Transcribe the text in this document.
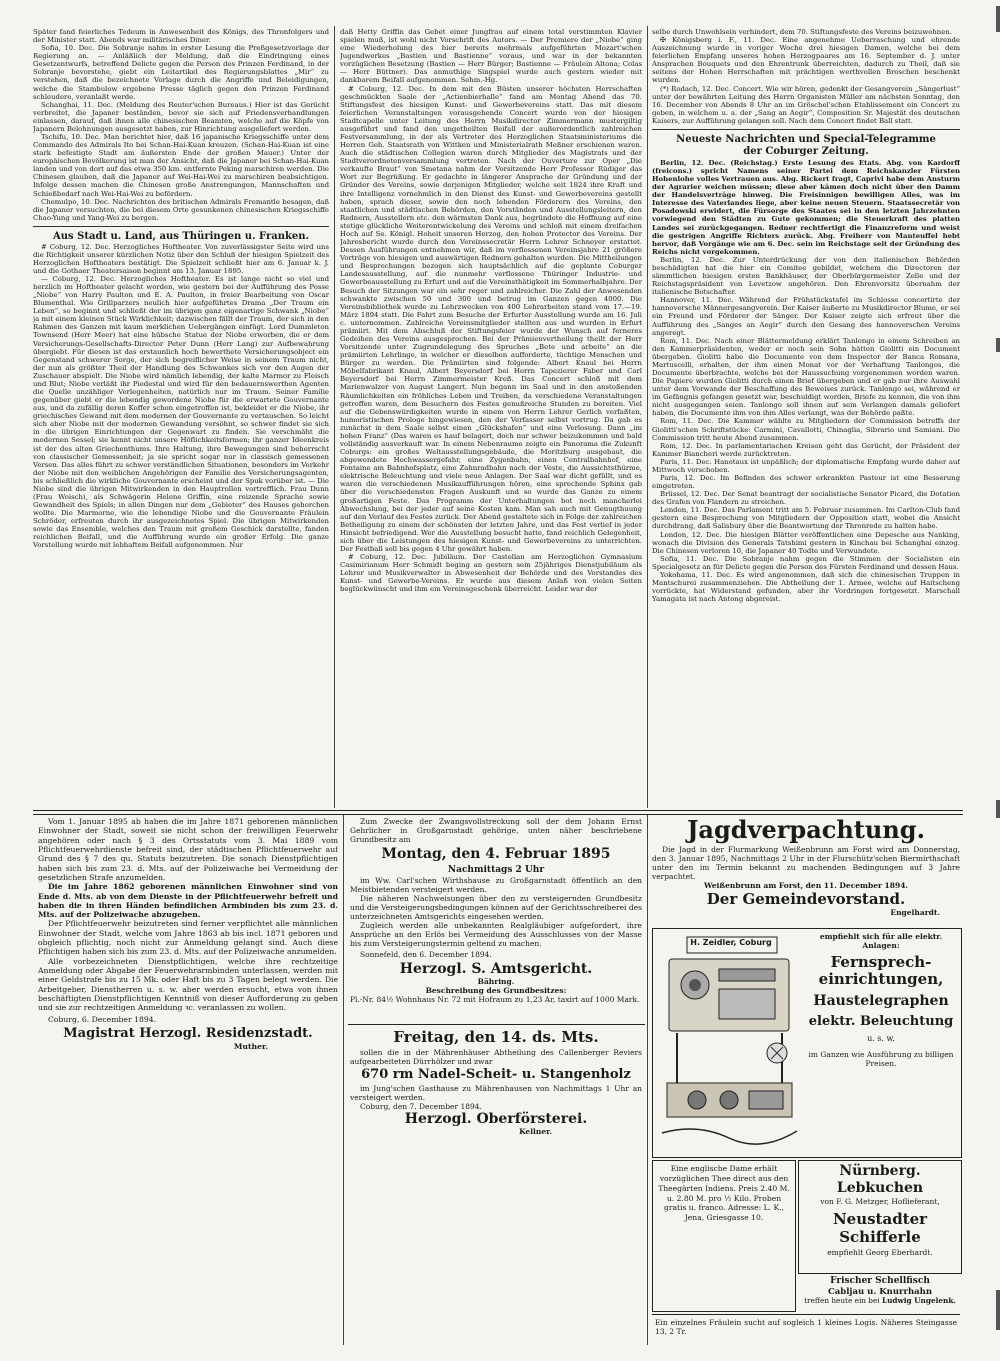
Später fand feierliches Tedeum in Anwesenheit des Königs, des Thronfolgers und der Minister statt. Abends war militärisches Diner.

Sofia, 10. Dec. Die Sobranje nahm in erster Lesung die Preßgesetzvorlage der Regierung an. — Anläßlich der Meldung, daß die Eindringung eines Gesetzentwurfs, betreffend Delicte gegen die Person des Prinzen Ferdinand, in der Sobranje bevorstehe, giebt ein Leitartikel des Regierungsblattes „Mir“ zu verstehen, daß die bezeichnete Vorlage durch die Angriffe und Beleidigungen, welche die Stambulow ergebene Presse täglich gegen den Prinzen Ferdinand schleudere, veranlaßt werde.

Schanghai, 11. Dec. (Meldung des Reuter'schen Bureaus.) Hier ist das Gerücht verbreitet, die Japaner beständen, bevor sie sich auf Friedensverhandlungen einlassen, darauf, daß ihnen alle chinesischen Beamten, welche auf die Köpfe von Japanern Belohnungen ausgesetzt haben, zur Hinrichtung ausgeliefert werden.

Tschifu, 10. Dec. Man berichtet hier, daß 16 japanische Kriegsschiffe unter dem Commando des Admirals Ito bei Schan-Hai-Kuan kreuzen. (Schan-Hai-Kuan ist eine stark befestigte Stadt am äußersten Ende der großen Mauer.) Unter der europäischen Bevölkerung ist man der Ansicht, daß die Japaner bei Schan-Hai-Kuan landen und von dort auf das etwa 350 km. entfernte Peking marschiren werden. Die Chinesen glauben, daß die Japaner auf Wei-Hai-Wei zu marschiren beabsichtigen. Infolge dessen machen die Chinesen große Anstrengungen, Mannschaften und Schießbedarf nach Wei-Hai-Wei zu befördern.

Chemulpo, 10. Dec. Nachrichten des britischen Admirals Fremantle besagen, daß die Japaner versuchten, die bei diesem Orte gesunkenen chinesischen Kriegsschiffe Chao-Yung und Yang-Wei zu bergen.

Aus Stadt u. Land, aus Thüringen u. Franken.

# Coburg, 12. Dec. Herzogliches Hoftheater. Von zuverlässigster Seite wird uns die Richtigkeit unserer kürzlichen Notiz über den Schluß der hiesigen Spielzeit des Herzoglichen Hoftheaters bestätigt. Die Spielzeit schließt hier am 6. Januar k. J. und die Gothaer Theatersaison beginnt am 13. Januar 1895.

— Coburg, 12. Dec. Herzogliches Hoftheater. Es ist lange nicht so viel und herzlich im Hoftheater gelacht worden, wie gestern bei der Aufführung des Posse „Niobe“ von Harry Paulton und E. A. Paulton, in freier Bearbeitung von Oscar Blumenthal. Wie Grillparzers neulich hier aufgeführtes Drama „Der Traum ein Leben“, so beginnt und schließt der im übrigen ganz eigenartige Schwank „Niobe“ ja mit einem kleinen Stück Wirklichkeit; dazwischen fällt der Traum, der sich in den Rahmen des Ganzen mit kaum merklichen Uebergängen einfügt. Lord Dummleton Townsend (Herr Meer) hat eine hübsche Statue der Niobe erworben, die er dem Versicherungs-Gesellschafts-Director Peter Dunn (Herr Lang) zur Aufbewahrung übergiebt. Für diesen ist das erstaunlich hoch bewerthete Versicherungsobject ein Gegenstand schwerer Sorge, der sich begreiflicher Weise in seinem Traum nicht, der nun als größter Theil der Handlung des Schwankes sich vor den Augen der Zuschauer abspielt. Die Niobe wird nämlich lebendig, der kalte Marmor zu Fleisch und Blut; Niobe verläßt ihr Piedestal und wird für den bedauernswerthen Agenten die Quelle unzähliger Verlegenheiten, natürlich nur im Traum. Seiner Familie gegenüber giebt er die lebendig gewordene Niobe für die erwartete Gouvernante aus, und da zufällig deren Koffer schon eingetroffen ist, bekleidet er die Niobe, ihr griechisches Gewand mit dem modernen der Gouvernante zu vertauschen. So leicht sich aber Niobe mit der modernen Gewandung versöhnt, so schwer findet sie sich in die übrigen Einrichtungen der Gegenwart zu finden. Sie verschmäht die modernen Sessel; sie kennt nicht unsere Höflichkeitsformen; ihr ganzer Ideenkreis ist der des alten Griechenthums. Ihre Haltung, ihre Bewegungen sind beherrscht von classischer Gemessenheit; ja sie spricht sogar nur in classisch gemessenen Versen. Das alles führt zu schwer verständlichen Situationen, besonders im Verkehr der Niobe mit den weiblichen Angehörigen der Familie des Versicherungsagenten, bis schließlich die wirkliche Gouvernante erscheint und der Spuk vorüber ist. — Die Niobe sind die übrigen Mitwirkenden in den Hauptrollen vortrefflich. Frau Dunn (Frau Woisch), als Schwägerin Helene Griffin, eine reizende Sprache sowie Gewandheit des Spiels; in allen Dingen nur dem „Gebieter“ des Hauses gehorchen wollte. Die Marmorne, wie die lebendige Niobe und die Gouvernante Fräulein Schröder, erfreuten durch ihr ausgezeichnetes Spiel. Die übrigen Mitwirkenden sowie das Ensemble, welches den Traum mit großem Geschick darstellte, fanden reichlichen Beifall, und die Aufführung wurde ein großer Erfolg. Die ganze Vorstellung wurde mit lebhaftem Beifall aufgenommen. Nur

daß Hetty Griffin das Gebet einer Jungfrau auf einem total verstimmten Klavier spielen muß, ist wohl nicht Vorschrift des Autors. — Der Premiere der „Niobe“ ging eine Wiederholung des hier bereits mehrmals aufgeführten Mozart'schen Jugendwerkes „Bastien und Bastienne“ voraus, und war in der bekannten vorzüglichen Besetzung (Bastien — Herr Bürger; Bastienne — Fräulein Altona; Colas — Herr Büttner). Das anmuthige Singspiel wurde auch gestern wieder mit dankbarem Beifall aufgenommen. Sehm.-Hg.

# Coburg, 12. Dec. In dem mit den Büsten unserer höchsten Herrschaften geschmückten Saale der „Actienbierhalle“ fand am Montag Abend das 70. Stiftungsfest des hiesigen Kunst- und Gewerbevereins statt. Das mit diesem feierlichen Veranstaltungen vorausgehende Concert wurde von der hiesigen Stadtcapelle unter Leitung des Herrn Musikdirector Zimmermann mustergiltig ausgeführt und fand den ungetheilten Beifall der außerordentlich zahlreichen Festversammlung, in der als Vertreter des Herzoglichen Staatsministeriums die Herren Geh. Staatsrath von Wittken und Ministerialrath Meßner erschienen waren. Auch die städtischen Collegien waren durch Mitglieder des Magistrats und der Stadtverordnetenversammlung vertreten. Nach der Ouverture zur Oper „Die verkaufte Braut“ von Smetana nahm der Vorsitzende Herr Professor Rüdiger das Wort zur Begrüßung. Er gedachte in längerer Ansprache der Gründung und der Gründer des Vereins, sowie derjenigen Mitglieder, welche seit 1824 ihre Kraft und ihre Intelligenz vornehmlich in den Dienst des Kunst- und Gewerbevereins gestellt haben, sprach dieser, sowie den noch lebenden Förderern des Vereins, den staatlichen und städtischen Behörden, den Vorständen und Ausstellungsleitern, den Rednern, Ausstellern etc. den wärmsten Dank aus, begründete die Hoffnung auf eine stetige glückliche Weiterentwickelung des Vereins und schloß mit einem dreifachen Hoch auf Se. Königl. Hoheit unseren Herzog, den hohen Protector des Vereins. Der Jahresbericht wurde durch den Vereinssecretär Herrn Lehrer Schneyer erstattet. Dessen Ausführungen entnehmen wir, daß im verflossenen Vereinsjahre 21 größere Vorträge von hiesigen und auswärtigen Rednern gehalten wurden. Die Mittheilungen und Besprechungen bezogen sich hauptsächlich auf die geplante Coburger Landesausstellung, auf die nunmehr verflossene Thüringer Industrie- und Gewerbeausstellung zu Erfurt und auf die Vereinsthätigkeit im Sommerhalbjahre. Der Besuch der Sitzungen war ein sehr reger und zahlreicher. Die Zahl der Anwesenden schwankte zwischen 50 und 300 und betrug im Ganzen gegen 4000. Die Vereinsbibliothek wurde zu Lehrzwecken von 400 Lehrarbeiten stand vom 17.—19. März 1894 statt. Die Fahrt zum Besuche der Erfurter Ausstellung wurde am 16. Juli c. unternommen. Zahlreiche Vereinsmitglieder stellten aus und wurden in Erfurt prämiirt. Mit dem Abschluß der Stiftungsfeier wurde der Wunsch auf ferneres Gedeihen des Vereins ausgesprochen. Bei der Prämienvertheilung theilt der Herr Vorsitzende unter Zugrundelegung des Spruches „Bete und arbeite“ an die prämiirten Lehrlinge, in welcher er dieselben aufforderte, tüchtige Menschen und Bürger zu werden. Die Prämiirten sind folgende: Albert Knaul bei Herrn Möbelfabrikant Knaul, Albert Beyersdorf bei Herrn Tapezierer Faber und Carl Beyersdorf bei Herrn Zimmermeister Kreß. Das Concert schloß mit dem Marienwalzer von August Langert. Nun begann im Saal und in den anstoßenden Räumlichkeiten ein fröhliches Leben und Treiben, da verschiedene Veranstaltungen getroffen waren, dem Besuchern des Festes genußreiche Stunden zu bereiten. Viel auf die Gebenswürdigkeiten wurde in einem von Herrn Lehrer Gerlich verfaßten, humoristischen Prologe hingewiesen, den der Verfasser selbst vortrug. Da gab es zunächst in dem Saale selbst einen „Glückshafen“ und eine Verlosung. Dann „im hohen Franz“ (Das waren es hauf belagert, doch nur schwer beizukommen und bald vollständig ausverkauft war. In einem Nebenraume zeigte ein Panorama die Zukunft Coburgs: ein großes Weltausstellungsgebäude, die Moritzburg ausgebaut, die abgewendete Hochwassergefahr, eine Zygenbahn, einen Centralbahnhof, eine Fontaine am Bahnhofsplatz, eine Zahnradbahn nach der Veste, die Aussichtsthürme, elektrische Beleuchtung und viele neue Anlagen. Der Saal war dicht gefüllt, und es waren die verschiedenen Musikaufführungen hören, eine sprechende Sphinx gab über die verschiedensten Fragen Auskunft und so wurde das Ganze zu einem großartigen Feste. Das Programm der Unterhaltungen bot noch mancherlei Abwechslung, bei der jeder auf seine Kosten kam. Man sah auch mit Genugthuung auf den Verlauf des Festes zurück. Der Abend gestaltete sich in Folge der zahlreichen Betheiligung zu einem der schönsten der letzten Jahre, und das Fest verlief in jeder Hinsicht befriedigend. Wer die Ausstellung besucht hatte, fand reichlich Gelegenheit, sich über die Leistungen des hiesigen Kunst- und Gewerbevereins zu unterrichten. Der Festball soll bis gegen 4 Uhr gewährt haben.

# Coburg, 12. Dec. Jubiläum. Der Castellan am Herzoglichen Gymnasium Casimirianum Herr Schmidt beging an gestern sein 25jähriges Dienstjubiläum als Lehrer und Musikverwalter in Abwesenheit der Behörde und des Vorstandes des Kunst- und Gewerbe-Vereins. Er wurde aus diesem Anlaß von vielen Seiten beglückwünscht und ihm ein Vereinsgeschenk überreicht. Leider war der

selbe durch Unwohlsein verhindert, dem 70. Stiftungsfeste des Vereins beizuwohnen.

✠ Königsberg i. F., 11. Dec. Eine angenehme Ueberraschung und ehrende Auszeichnung wurde in voriger Woche drei hiesigen Damen, welche bei dem feierlichen Empfang unseres hohen Herzogpaares am 16. September d. J. unter Ansprachen Bouquets und den Ehrentrunk überreichten, dadurch zu Theil, daß sie seitens der Hohen Herrschaften mit prächtigen werthvollen Broschen beschenkt wurden.

(*) Rodach, 12. Dec. Concert. Wie wir hören, gedenkt der Gesangverein „Sängerlust“ unter der bewährten Leitung des Herrn Organisten Müller am nächsten Sonntag, den 16. December von Abends 8 Uhr an im Gröschel'schen Etablissement ein Concert zu geben, in welchem u. a. der „Sang an Aegir“, Composition Sr. Majestät des deutschen Kaisers, zur Aufführung gelangen soll. Nach dem Concert findet Ball statt.

Neueste Nachrichten und Special-Telegramme
der Coburger Zeitung.

Berlin, 12. Dec. (Reichstag.) Erste Lesung des Etats. Abg. von Kardorff (freicons.) spricht Namens seiner Partei dem Reichskanzler Fürsten Hohenlohe volles Vertrauen aus. Abg. Rickert fragt, Caprivi habe dem Ansturm der Agrarier weichen müssen; diese aber kämen doch nicht über den Damm der Handelsverträge hinweg. Die Freisinnigen bewilligen Alles, was im Interesse des Vaterlandes liege, aber keine neuen Steuern. Staatssecretär von Posadowski erwidert, die Fürsorge des Staates sei in den letzten Jahrzehnten vorwiegend den Städten zu Gute gekommen; die Steuerkraft des platten Landes sei zurückgegangen. Redner rechtfertigt die Finanzreform und weist die gestrigen Angriffe Richters zurück. Abg. Freiherr von Manteuffel hebt hervor, daß Vorgänge wie am 6. Dec. sein im Reichstage seit der Gründung des Reichs nicht vorgekommen.

Berlin, 12. Dec. Zur Unterdrückung der von den italienischen Behörden beschädigten hat die hier ein Comitee gebildet, welchem die Directoren der sämmtlichen hiesigen ersten Bankhäuser, der Oberbürgermeister Zelle und der Reichstagspräsident von Levetzow angehören. Den Ehrenvorsitz übernahm der italienische Botschafter.

Hannover, 11. Dec. Während der Frühstückstafel im Schlosse concertirte der hannoversche Männergesangverein. Der Kaiser äußerte zu Musikdirector Blume, er sei ein Freund und Förderer der Sänger. Der Kaiser zeigte sich erfreut über die Aufführung des „Sanges an Aegir“ durch den Gesang des hannoverschen Vereins angeregt.

Rom, 11. Dec. Nach einer Blättermeldung erklärt Tanlongo in einem Schreiben an den Kammerpräsidenten, weder er noch sein Sohn hätten Giolitti ein Document übergeben. Giolitti habe die Documente von dem Inspector der Banca Romana, Martuscelli, erhalten, der ihm einen Monat vor der Verhaftung Tanlongos, die Documente überbrachte, welche bei der Haussuchung vorgenommen worden waren. Die Papiere wurden Giolitti durch einen Brief übergeben und er gab nur ihre Auswahl unter dem Vorwande der Beschaffung des Beweises zurück. Tanlongo sei, während er im Gefängnis gefangen gesetzt war, beschuldigt worden, Briefe zu kennen, die von ihm nicht ausgegangen seien. Tanlongo soll ihnen auf sein Verlangen damals geliefert haben, die Documente ihm von ihm Alles verlangt, was der Behörde paßte.

Rom, 11. Dec. Die Kammer wählte zu Mitgliedern der Commission betreffs der Giolitti'schen Schriftstücke: Carmini, Cavallotti, Chinaglia, Sibrario und Samiani. Die Commission tritt heute Abend zusammen.

Rom, 12. Dec. In parlamentarischen Kreisen geht das Gerücht, der Präsident der Kammer Biancheri werde zurücktreten.

Paris, 11. Dec. Hanotaux ist unpäßlich; der diplomatische Empfang wurde daher auf Mittwoch verschoben.

Paris, 12. Dec. Im Befinden des schwer erkrankten Pasteur ist eine Besserung eingetreten.

Brüssel, 12. Dec. Der Senat beantragt der socialistische Senator Picard, die Dotation des Grafen von Flandern zu streichen.

London, 11. Dec. Das Parlament tritt am 5. Februar zusammen. Im Carlton-Club fand gestern eine Besprechung von Mitgliedern der Opposition statt, wobei die Ansicht durchdrang, daß Salisbury über die Beantwortung der Thronrede zu halten habe.

London, 12. Dec. Die hiesigen Blätter veröffentlichen eine Depesche aus Nanking, wonach die Division des Generals Tatshimi gestern in Kinchau bei Schanghai einzog. Die Chinesen verloren 10, die Japaner 40 Todte und Verwundete.

Sofia, 11. Dec. Die Sobranje nahm gegen die Stimmen der Socialisten ein Specialgesetz an für Delicte gegen die Person des Fürsten Ferdinand und dessen Haus.

Yokohama, 11. Dec. Es wird angenommen, daß sich die chinesischen Truppen in Mantschurei zusammenziehen. Die Abtheilung der 1. Armee, welche auf Haitscheng vorrückte, hat Widerstand gefunden, aber ihr Vordringen fortgesetzt. Marschall Yamagata ist nach Antong abgereist.

Vom 1. Januar 1895 ab haben die im Jahre 1871 geborenen männlichen Einwohner der Stadt, soweit sie nicht schon der freiwilligen Feuerwehr angehören oder nach § 3 des Ortsstatuts vom 3. Mai 1889 vom Pflichtfeuerwehrdienste befreit sind, der städtischen Pflichtfeuerwehr auf Grund des § 7 des qu. Statuts beizutreten. Die sonach Dienstpflichtigen haben sich bis zum 23. d. Mts. auf der Polizeiwache bei Vermeidung der gesetzlichen Strafe anzumelden.

Die im Jahre 1862 geborenen männlichen Einwohner sind von Ende d. Mts. ab von dem Dienste in der Pflichtfeuerwehr befreit und haben die in ihren Händen befindlichen Armbinden bis zum 23. d. Mts. auf der Polizeiwache abzugeben.

Der Pflichtfeuerwehr beizutreten sind ferner verpflichtet alle männlichen Einwohner der Stadt, welche vom Jahre 1863 ab bis incl. 1871 geboren und obgleich pflichtig, noch nicht zur Anmeldung gelangt sind. Auch diese Pflichtigen haben sich bis zum 23. d. Mts. auf der Polizeiwache anzumelden.

Alle vorbezeichneten Dienstpflichtigen, welche ihre rechtzeitige Anmeldung oder Abgabe der Feuerwehrarmbinden unterlassen, werden mit einer Geldstrafe bis zu 15 Mk. oder Haft bis zu 3 Tagen belegt werden. Die Arbeitgeber, Dienstherren u. s. w. aber werden ersucht, etwa von ihnen beschäftigten Dienstpflichtigen Kenntniß von dieser Aufforderung zu geben und sie zur rechtzeitigen Anmeldung ꝛc. veranlassen zu wollen.

Coburg, 6. December 1894.

Magistrat Herzogl. Residenzstadt.

Muther.

Zum Zwecke der Zwangsvollstreckung soll der dem Johann Ernst Gehrlicher in Großgarnstadt gehörige, unten näher beschriebene Grundbesitz am

Montag, den 4. Februar 1895

Nachmittags 2 Uhr

im Ww. Carl'schen Wirthshause zu Großgarnstadt öffentlich an den Meistbietenden versteigert werden.

Die näheren Nachweisungen über den zu versteigernden Grundbesitz und die Versteigerungsbedingungen können auf der Gerichtsschreiberei des unterzeichneten Amtsgerichts eingesehen werden.

Zugleich werden alle unbekannten Realgläubiger aufgefordert, ihre Ansprüche an den Erlös bei Vermeidung des Ausschlusses von der Masse bis zum Versteigerungstermin geltend zu machen.

Sonnefeld, den 6. December 1894.

Herzogl. S. Amtsgericht.

Bähring.

Beschreibung des Grundbesitzes:

Pl.-Nr. 84½ Wohnhaus Nr. 72 mit Hofraum zu 1,23 Ar, taxirt auf 1000 Mark.

Freitag, den 14. ds. Mts.

sollen die in der Mährenhäuser Abtheilung des Callenberger Reviers aufgearbeiteten Dürrhölzer und zwar

670 rm Nadel-Scheit- u. Stangenholz

im Jung'schen Gasthause zu Mährenhausen von Nachmittags 1 Uhr an versteigert werden.

Coburg, den 7. December 1894.

Herzogl. Oberförsterei.

Kellner.

Jagdverpachtung.

Die Jagd in der Flurmarkung Weißenbrunn am Forst wird am Donnerstag, den 3. Januar 1895, Nachmittags 2 Uhr in der Flurschütz'schen Biermirthschaft unter den im Termin bekannt zu machenden Bedingungen auf 3 Jahre verpachtet.

Weißenbrunn am Forst, den 11. December 1894.

Der Gemeindevorstand.

Engelhardt.

H. Zeidler, Coburg

empfiehlt sich für alle elektr. Anlagen:

Fernsprech-

einrichtungen,

Haustelegraphen

elektr. Beleuchtung

u. s. w.

im Ganzen wie Ausführung zu billigen Preisen.

Eine englische Dame erhält vorzüglichen Thee direct aus den Theegärten Indiens. Preis 2.40 M. u. 2.80 M. pro ½ Kilo. Proben gratis u. franco. Adresse: L. K., Jena, Griesgasse 10.

Nürnberg. Lebkuchen

von F. G. Metzger, Hoflieferant,

Neustadter Schifferle

empfiehlt Georg Eberhardt.

Frischer Schellfisch

Cabljau u. Knurrhahn

treffen heute ein bei Ludwig Ungelenk.

Ein einzelnes Fräulein sucht auf sogleich 1 kleines Logis. Näheres Steingasse 13, 2 Tr.
